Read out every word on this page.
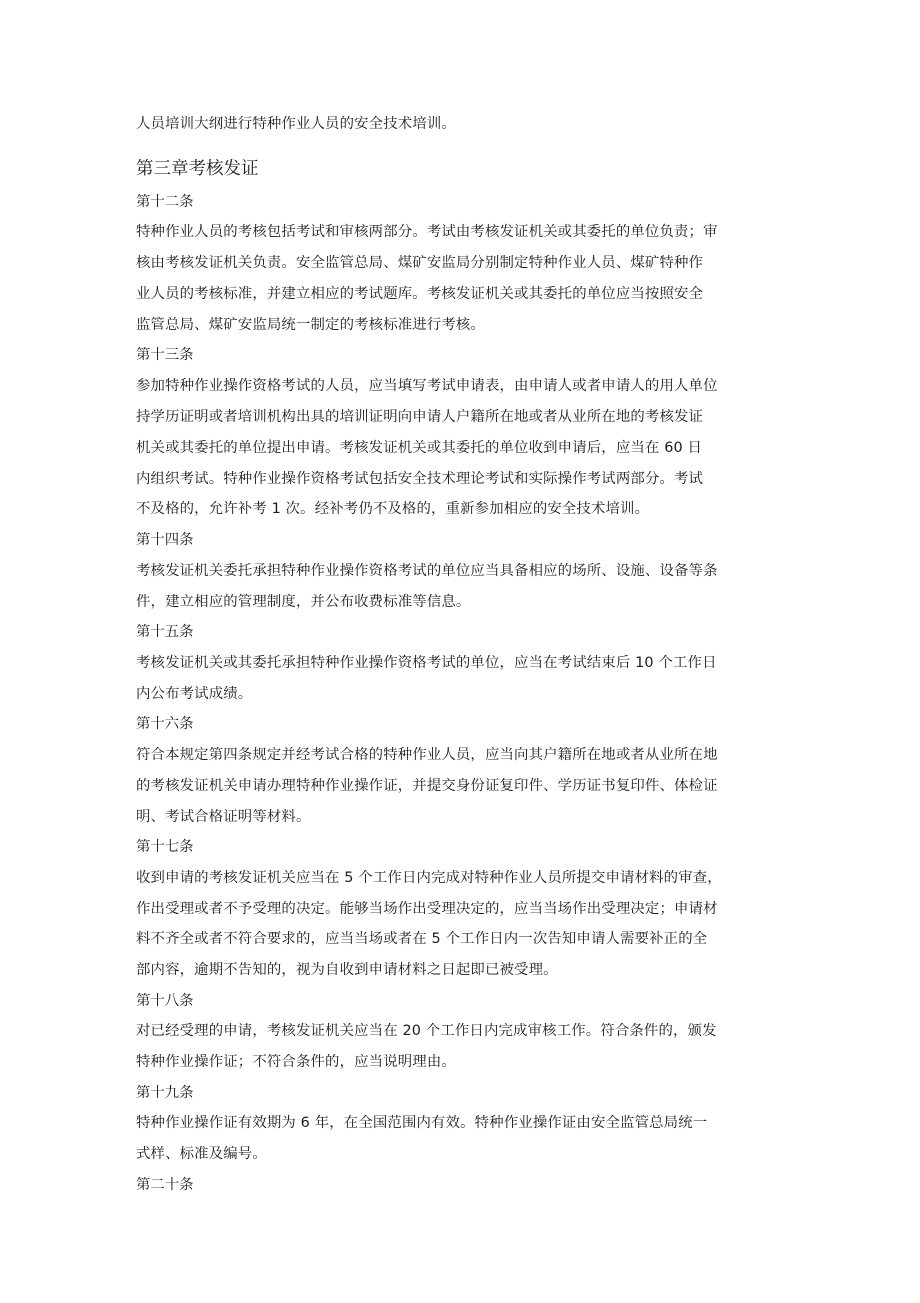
人员培训大纲进行特种作业人员的安全技术培训。
第三章考核发证
第十二条
特种作业人员的考核包括考试和审核两部分。考试由考核发证机关或其委托的单位负责；审
核由考核发证机关负责。安全监管总局、煤矿安监局分别制定特种作业人员、煤矿特种作
业人员的考核标准，并建立相应的考试题库。考核发证机关或其委托的单位应当按照安全
监管总局、煤矿安监局统一制定的考核标准进行考核。
第十三条
参加特种作业操作资格考试的人员，应当填写考试申请表，由申请人或者申请人的用人单位
持学历证明或者培训机构出具的培训证明向申请人户籍所在地或者从业所在地的考核发证
机关或其委托的单位提出申请。考核发证机关或其委托的单位收到申请后，应当在 60 日
内组织考试。特种作业操作资格考试包括安全技术理论考试和实际操作考试两部分。考试
不及格的，允许补考 1 次。经补考仍不及格的，重新参加相应的安全技术培训。
第十四条
考核发证机关委托承担特种作业操作资格考试的单位应当具备相应的场所、设施、设备等条
件，建立相应的管理制度，并公布收费标准等信息。
第十五条
考核发证机关或其委托承担特种作业操作资格考试的单位，应当在考试结束后 10 个工作日
内公布考试成绩。
第十六条
符合本规定第四条规定并经考试合格的特种作业人员，应当向其户籍所在地或者从业所在地
的考核发证机关申请办理特种作业操作证，并提交身份证复印件、学历证书复印件、体检证
明、考试合格证明等材料。
第十七条
收到申请的考核发证机关应当在 5 个工作日内完成对特种作业人员所提交申请材料的审查，
作出受理或者不予受理的决定。能够当场作出受理决定的，应当当场作出受理决定；申请材
料不齐全或者不符合要求的，应当当场或者在 5 个工作日内一次告知申请人需要补正的全
部内容，逾期不告知的，视为自收到申请材料之日起即已被受理。
第十八条
对已经受理的申请，考核发证机关应当在 20 个工作日内完成审核工作。符合条件的，颁发
特种作业操作证；不符合条件的，应当说明理由。
第十九条
特种作业操作证有效期为 6 年，在全国范围内有效。特种作业操作证由安全监管总局统一
式样、标准及编号。
第二十条
